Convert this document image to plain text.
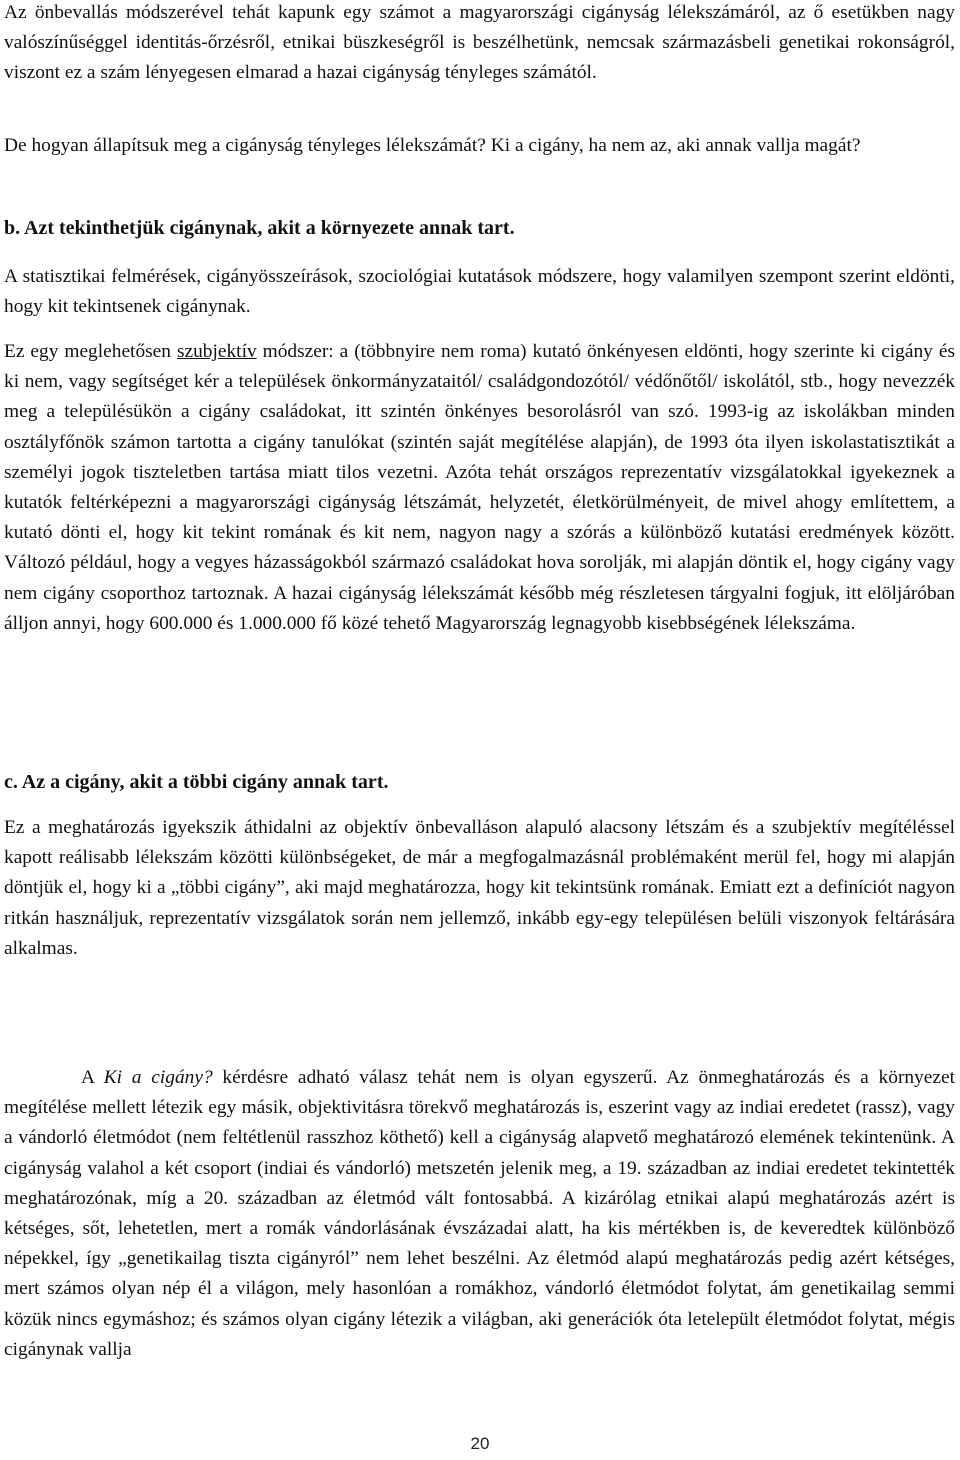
Az önbevallás módszerével tehát kapunk egy számot a magyarországi cigányság lélekszámáról, az ő esetükben nagy valószínűséggel identitás-őrzésről, etnikai büszkeségről is beszélhetünk, nemcsak származásbeli genetikai rokonságról, viszont ez a szám lényegesen elmarad a hazai cigányság tényleges számától.

De hogyan állapítsuk meg a cigányság tényleges lélekszámát? Ki a cigány, ha nem az, aki annak vallja magát?

b. Azt tekinthetjük cigánynak, akit a környezete annak tart.

A statisztikai felmérések, cigányösszeírások, szociológiai kutatások módszere, hogy valamilyen szempont szerint eldönti, hogy kit tekintsenek cigánynak.

Ez egy meglehetősen szubjektív módszer: a (többnyire nem roma) kutató önkényesen eldönti, hogy szerinte ki cigány és ki nem, vagy segítséget kér a települések önkormányzataitól/ családgondozótól/ védőnőtől/ iskolától, stb., hogy nevezzék meg a településükön a cigány családokat, itt szintén önkényes besorolásról van szó. 1993-ig az iskolákban minden osztályfőnök számon tartotta a cigány tanulókat (szintén saját megítélése alapján), de 1993 óta ilyen iskolastatisztikát a személyi jogok tiszteletben tartása miatt tilos vezetni. Azóta tehát országos reprezentatív vizsgálatokkal igyekeznek a kutatók feltérképezni a magyarországi cigányság létszámát, helyzetét, életkörülményeit, de mivel ahogy említettem, a kutató dönti el, hogy kit tekint romának és kit nem, nagyon nagy a szórás a különböző kutatási eredmények között. Változó például, hogy a vegyes házasságokból származó családokat hova sorolják, mi alapján döntik el, hogy cigány vagy nem cigány csoporthoz tartoznak. A hazai cigányság lélekszámát később még részletesen tárgyalni fogjuk, itt elöljáróban álljon annyi, hogy 600.000 és 1.000.000 fő közé tehető Magyarország legnagyobb kisebbségének lélekszáma.

c. Az a cigány, akit a többi cigány annak tart.

Ez a meghatározás igyekszik áthidalni az objektív önbevalláson alapuló alacsony létszám és a szubjektív megítéléssel kapott reálisabb lélekszám közötti különbségeket, de már a megfogalmazásnál problémaként merül fel, hogy mi alapján döntjük el, hogy ki a „többi cigány”, aki majd meghatározza, hogy kit tekintsünk romának. Emiatt ezt a definíciót nagyon ritkán használjuk, reprezentatív vizsgálatok során nem jellemző, inkább egy-egy településen belüli viszonyok feltárására alkalmas.

A Ki a cigány? kérdésre adható válasz tehát nem is olyan egyszerű. Az önmeghatározás és a környezet megítélése mellett létezik egy másik, objektivitásra törekvő meghatározás is, eszerint vagy az indiai eredetet (rassz), vagy a vándorló életmódot (nem feltétlenül rasszhoz köthető) kell a cigányság alapvető meghatározó elemének tekintenünk. A cigányság valahol a két csoport (indiai és vándorló) metszetén jelenik meg, a 19. században az indiai eredetet tekintették meghatározónak, míg a 20. században az életmód vált fontosabbá. A kizárólag etnikai alapú meghatározás azért is kétséges, sőt, lehetetlen, mert a romák vándorlásának évszázadai alatt, ha kis mértékben is, de keveredtek különböző népekkel, így „genetikailag tiszta cigányról” nem lehet beszélni. Az életmód alapú meghatározás pedig azért kétséges, mert számos olyan nép él a világon, mely hasonlóan a romákhoz, vándorló életmódot folytat, ám genetikailag semmi közük nincs egymáshoz; és számos olyan cigány létezik a világban, aki generációk óta letelepült életmódot folytat, mégis cigánynak vallja

20
